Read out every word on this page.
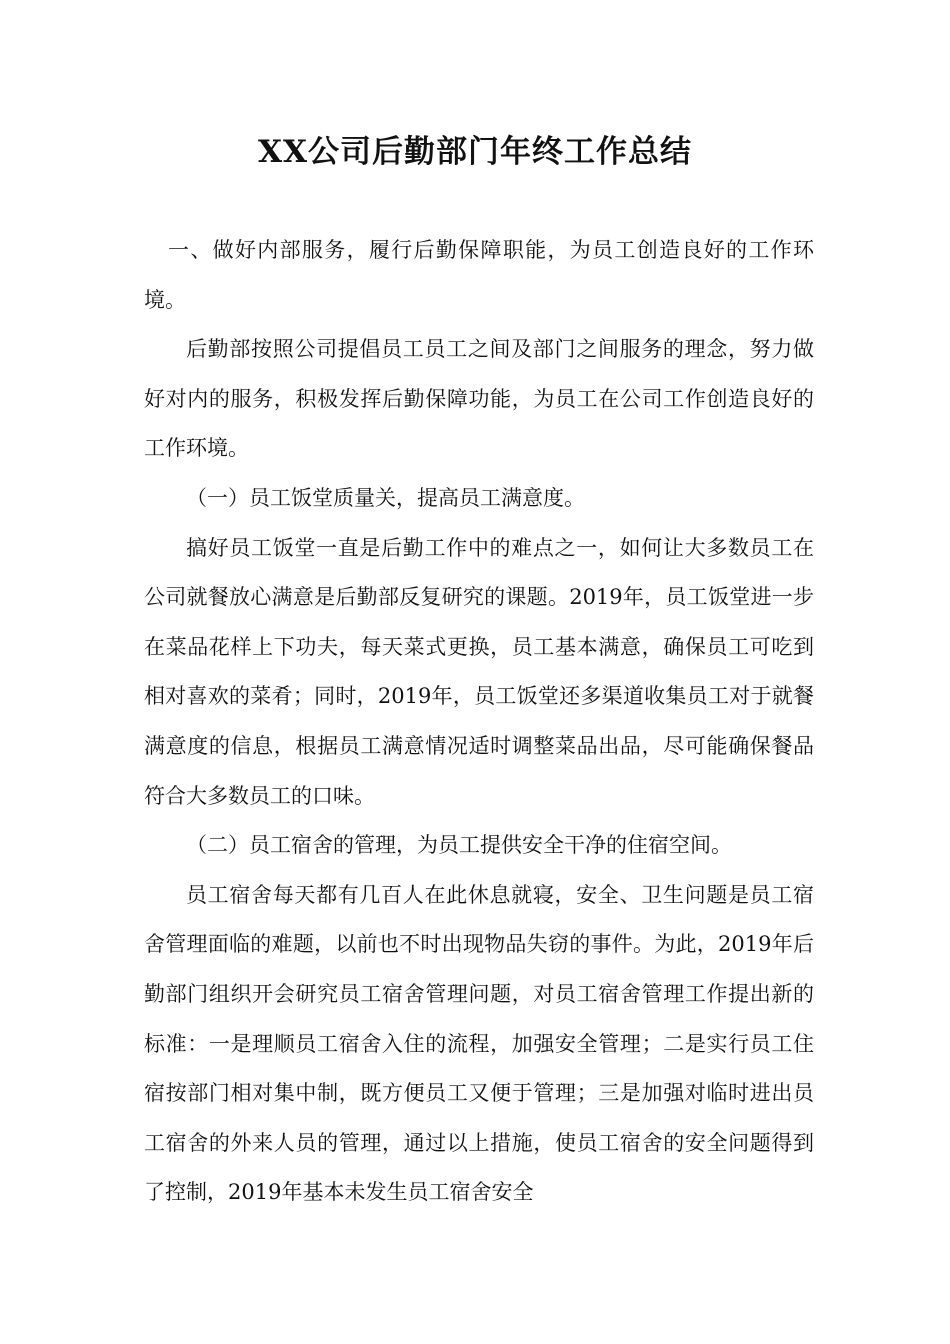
XX公司后勤部门年终工作总结

一、做好内部服务，履行后勤保障职能，为员工创造良好的工作环境。

后勤部按照公司提倡员工员工之间及部门之间服务的理念，努力做好对内的服务，积极发挥后勤保障功能，为员工在公司工作创造良好的工作环境。

（一）员工饭堂质量关，提高员工满意度。

搞好员工饭堂一直是后勤工作中的难点之一，如何让大多数员工在公司就餐放心满意是后勤部反复研究的课题。2019年，员工饭堂进一步在菜品花样上下功夫，每天菜式更换，员工基本满意，确保员工可吃到相对喜欢的菜肴；同时，2019年，员工饭堂还多渠道收集员工对于就餐满意度的信息，根据员工满意情况适时调整菜品出品，尽可能确保餐品符合大多数员工的口味。

（二）员工宿舍的管理，为员工提供安全干净的住宿空间。

员工宿舍每天都有几百人在此休息就寝，安全、卫生问题是员工宿舍管理面临的难题，以前也不时出现物品失窃的事件。为此，2019年后勤部门组织开会研究员工宿舍管理问题，对员工宿舍管理工作提出新的标准：一是理顺员工宿舍入住的流程，加强安全管理；二是实行员工住宿按部门相对集中制，既方便员工又便于管理；三是加强对临时进出员工宿舍的外来人员的管理，通过以上措施，使员工宿舍的安全问题得到了控制，2019年基本未发生员工宿舍安全
